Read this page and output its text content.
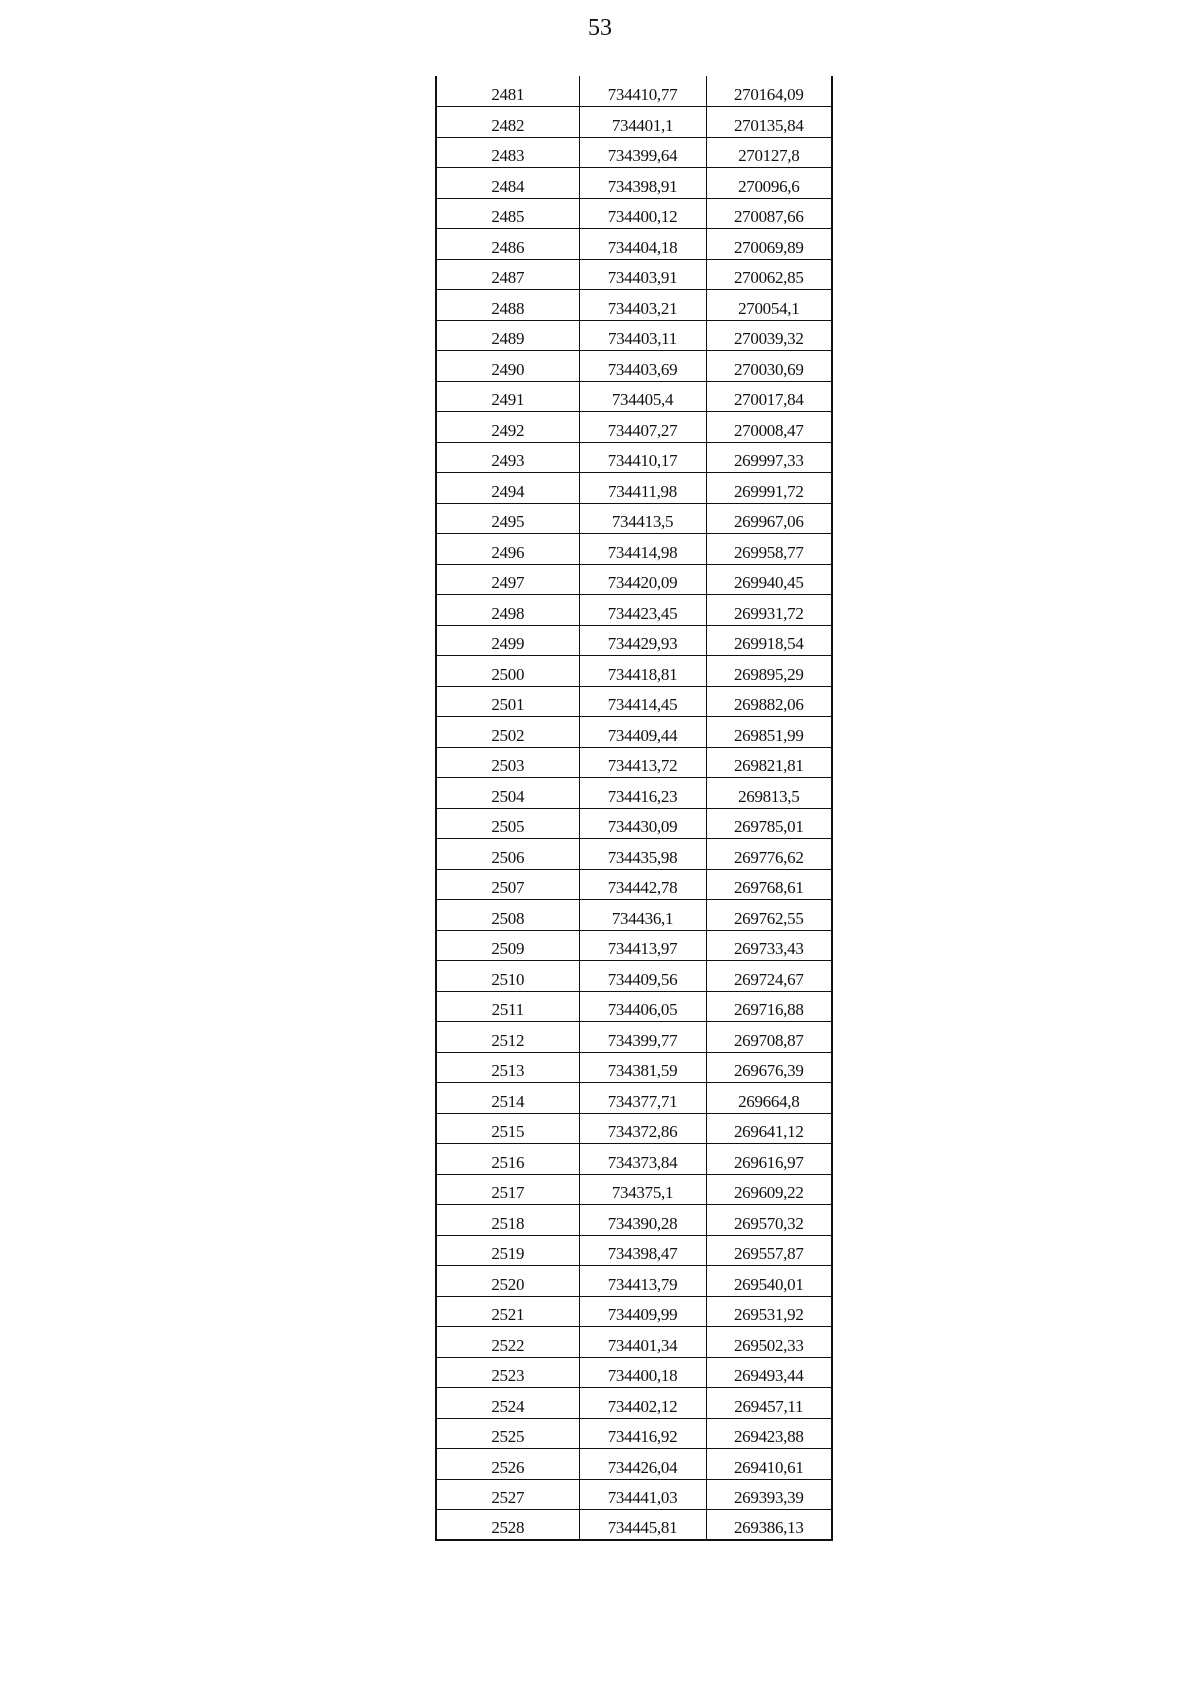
53
2481	734410,77	270164,09
2482	734401,1	270135,84
2483	734399,64	270127,8
2484	734398,91	270096,6
2485	734400,12	270087,66
2486	734404,18	270069,89
2487	734403,91	270062,85
2488	734403,21	270054,1
2489	734403,11	270039,32
2490	734403,69	270030,69
2491	734405,4	270017,84
2492	734407,27	270008,47
2493	734410,17	269997,33
2494	734411,98	269991,72
2495	734413,5	269967,06
2496	734414,98	269958,77
2497	734420,09	269940,45
2498	734423,45	269931,72
2499	734429,93	269918,54
2500	734418,81	269895,29
2501	734414,45	269882,06
2502	734409,44	269851,99
2503	734413,72	269821,81
2504	734416,23	269813,5
2505	734430,09	269785,01
2506	734435,98	269776,62
2507	734442,78	269768,61
2508	734436,1	269762,55
2509	734413,97	269733,43
2510	734409,56	269724,67
2511	734406,05	269716,88
2512	734399,77	269708,87
2513	734381,59	269676,39
2514	734377,71	269664,8
2515	734372,86	269641,12
2516	734373,84	269616,97
2517	734375,1	269609,22
2518	734390,28	269570,32
2519	734398,47	269557,87
2520	734413,79	269540,01
2521	734409,99	269531,92
2522	734401,34	269502,33
2523	734400,18	269493,44
2524	734402,12	269457,11
2525	734416,92	269423,88
2526	734426,04	269410,61
2527	734441,03	269393,39
2528	734445,81	269386,13
